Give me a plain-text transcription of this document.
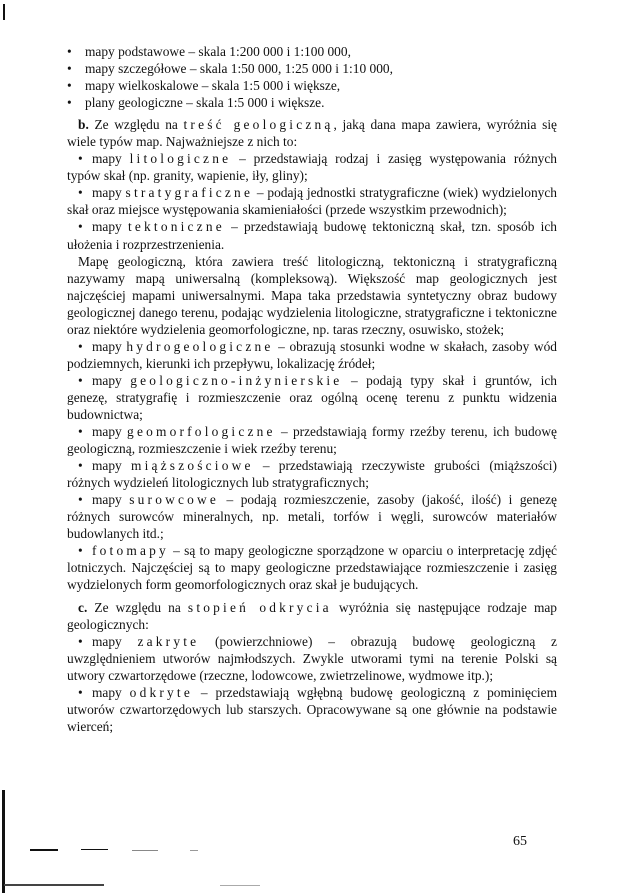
• mapy podstawowe – skala 1:200 000 i 1:100 000,
• mapy szczegółowe – skala 1:50 000, 1:25 000 i 1:10 000,
• mapy wielkoskalowe – skala 1:5 000 i większe,
• plany geologiczne – skala 1:5 000 i większe.
b. Ze względu na treść geologiczną, jaką dana mapa zawiera, wyróżnia się wiele typów map. Najważniejsze z nich to:
• mapy litologiczne – przedstawiają rodzaj i zasięg występowania różnych typów skał (np. granity, wapienie, iły, gliny);
• mapy stratygraficzne – podają jednostki stratygraficzne (wiek) wydzielonych skał oraz miejsce występowania skamieniałości (przede wszystkim przewodnich);
• mapy tektoniczne – przedstawiają budowę tektoniczną skał, tzn. sposób ich ułożenia i rozprzestrzenienia.
Mapę geologiczną, która zawiera treść litologiczną, tektoniczną i stratygraficzną nazywamy mapą uniwersalną (kompleksową). Większość map geologicznych jest najczęściej mapami uniwersalnymi. Mapa taka przedstawia syntetyczny obraz budowy geologicznej danego terenu, podając wydzielenia litologiczne, stratygraficzne i tektoniczne oraz niektóre wydzielenia geomorfologiczne, np. taras rzeczny, osuwisko, stożek;
• mapy hydrogeologiczne – obrazują stosunki wodne w skałach, zasoby wód podziemnych, kierunki ich przepływu, lokalizację źródeł;
• mapy geologiczno-inżynierskie – podają typy skał i gruntów, ich genezę, stratygrafię i rozmieszczenie oraz ogólną ocenę terenu z punktu widzenia budownictwa;
• mapy geomorfologiczne – przedstawiają formy rzeźby terenu, ich budowę geologiczną, rozmieszczenie i wiek rzeźby terenu;
• mapy miąższościowe – przedstawiają rzeczywiste grubości (miąższości) różnych wydzieleń litologicznych lub stratygraficznych;
• mapy surowcowe – podają rozmieszczenie, zasoby (jakość, ilość) i genezę różnych surowców mineralnych, np. metali, torfów i węgli, surowców materiałów budowlanych itd.;
• fotomapy – są to mapy geologiczne sporządzone w oparciu o interpretację zdjęć lotniczych. Najczęściej są to mapy geologiczne przedstawiające rozmieszczenie i zasięg wydzielonych form geomorfologicznych oraz skał je budujących.
c. Ze względu na stopień odkrycia wyróżnia się następujące rodzaje map geologicznych:
• mapy zakryte (powierzchniowe) – obrazują budowę geologiczną z uwzględnieniem utworów najmłodszych. Zwykle utworami tymi na terenie Polski są utwory czwartorzędowe (rzeczne, lodowcowe, zwietrzelinowe, wydmowe itp.);
• mapy odkryte – przedstawiają wgłębną budowę geologiczną z pominięciem utworów czwartorzędowych lub starszych. Opracowywane są one głównie na podstawie wierceń;
65
